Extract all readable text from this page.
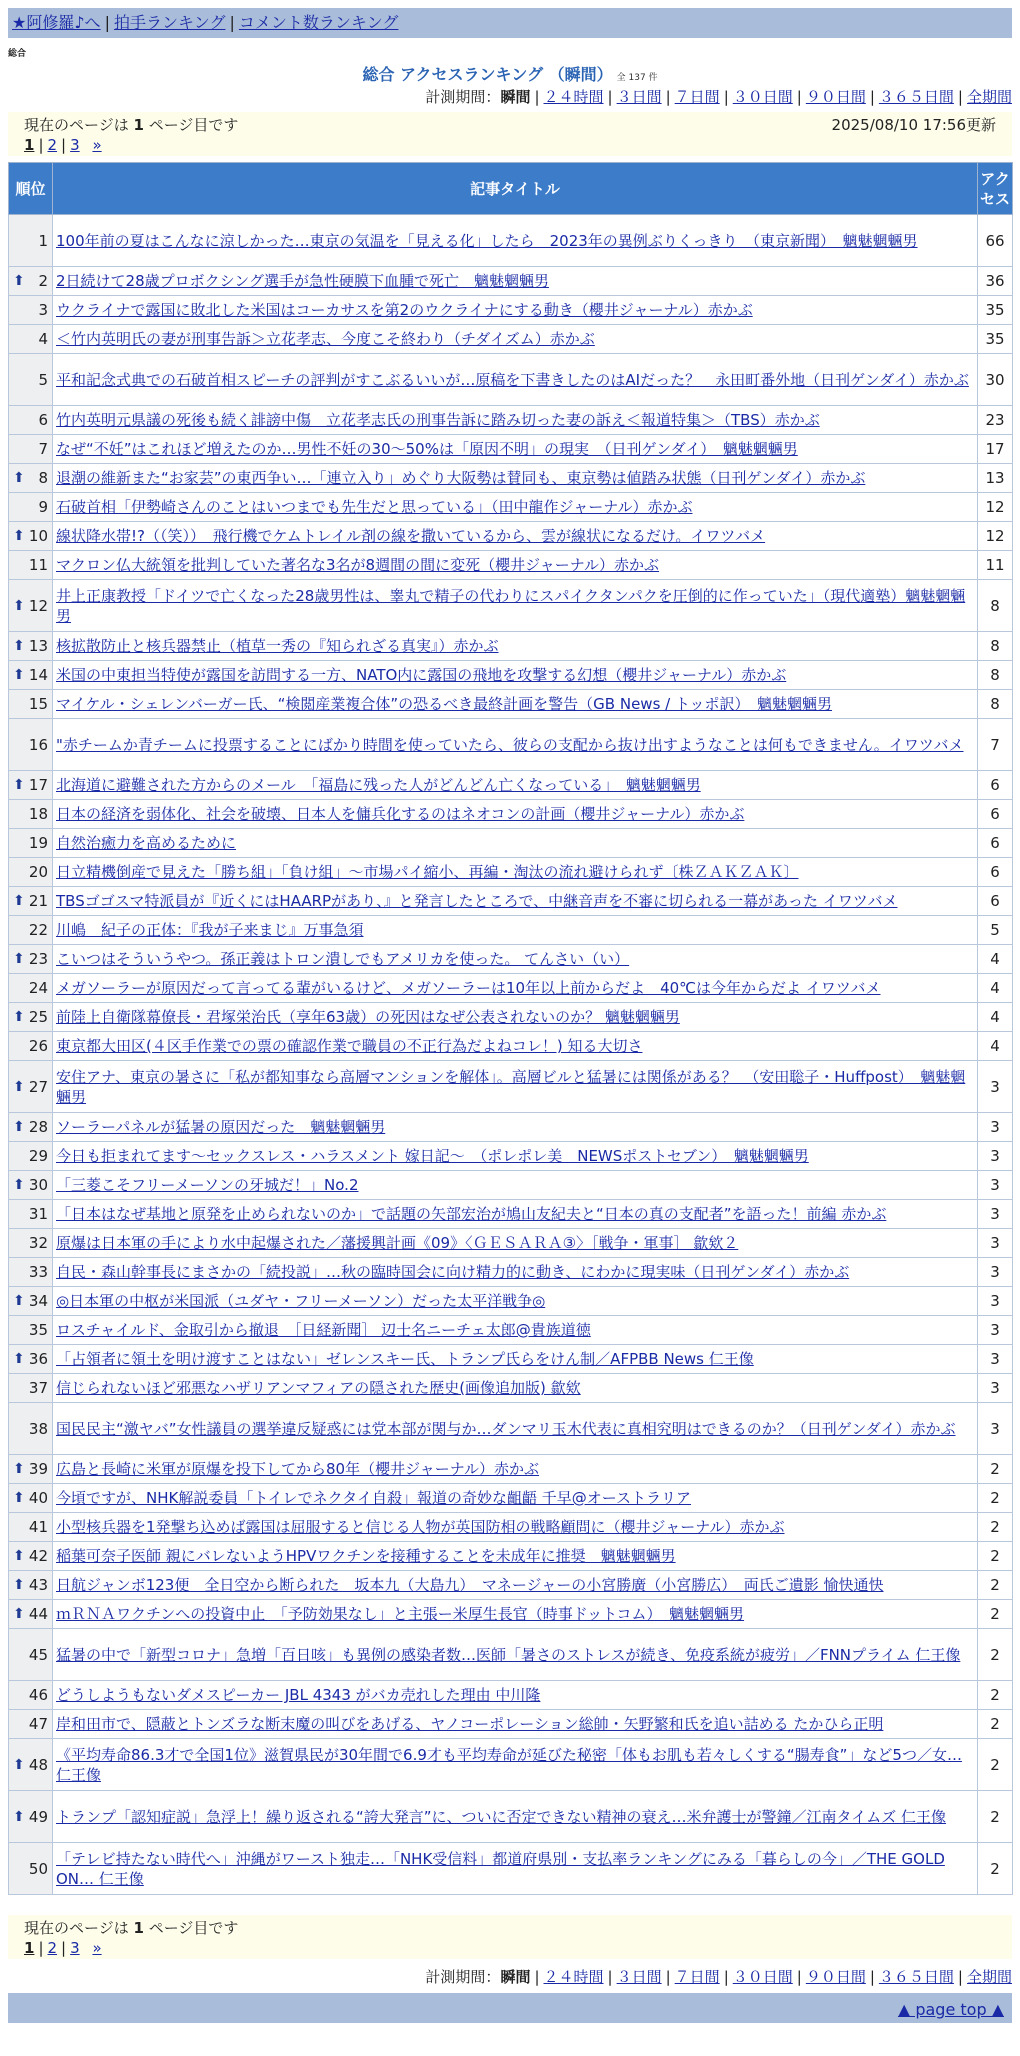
★阿修羅♪へ | 拍手ランキング | コメント数ランキング
総合
総合 アクセスランキング （瞬間） 全 137 件
計測期間：瞬間 | ２４時間 | ３日間 | ７日間 | ３０日間 | ９０日間 | ３６５日間 | 全期間
現在のページは 1 ページ目です	2025/08/10 17:56更新
1 | 2 | 3 »
順位	記事タイトル	アクセス
1	100年前の夏はこんなに涼しかった…東京の気温を「見える化」したら　2023年の異例ぶりくっきり　（東京新聞）　魑魅魍魎男	66

⬆ 2	2日続けて28歳プロボクシング選手が急性硬膜下血腫で死亡　魑魅魍魎男	36
3	ウクライナで露国に敗北した米国はコーカサスを第2のウクライナにする動き（櫻井ジャーナル）赤かぶ	35
4	＜竹内英明氏の妻が刑事告訴＞立花孝志、今度こそ終わり（チダイズム）赤かぶ	35
5	平和記念式典での石破首相スピーチの評判がすこぶるいいが…原稿を下書きしたのはAIだった？　永田町番外地（日刊ゲンダイ）赤かぶ	30
6	竹内英明元県議の死後も続く誹謗中傷　立花孝志氏の刑事告訴に踏み切った妻の訴え＜報道特集＞（TBS）赤かぶ	23
7	なぜ“不妊”はこれほど増えたのか…男性不妊の30～50%は「原因不明」の現実　（日刊ゲンダイ）　魑魅魍魎男	17

⬆ 8	退潮の維新また“お家芸”の東西争い…「連立入り」めぐり大阪勢は賛同も、東京勢は値踏み状態（日刊ゲンダイ）赤かぶ	13
9	石破首相「伊勢崎さんのことはいつまでも先生だと思っている」（田中龍作ジャーナル）赤かぶ	12

⬆ 10	線状降水帯!?（（笑））　飛行機でケムトレイル剤の線を撒いているから、雲が線状になるだけ。イワツバメ	12
11	マクロン仏大統領を批判していた著名な3名が8週間の間に変死（櫻井ジャーナル）赤かぶ	11

⬆ 12	井上正康教授「ドイツで亡くなった28歳男性は、睾丸で精子の代わりにスパイクタンパクを圧倒的に作っていた」（現代適塾）魑魅魍魎男	8

⬆ 13	核拡散防止と核兵器禁止（植草一秀の『知られざる真実』）赤かぶ	8

⬆ 14	米国の中東担当特使が露国を訪問する一方、NATO内に露国の飛地を攻撃する幻想（櫻井ジャーナル）赤かぶ	8
15	マイケル・シェレンバーガー氏、“検閲産業複合体”の恐るべき最終計画を警告（GB News / トッポ訳）　魑魅魍魎男	8
16	"赤チームか青チームに投票することにばかり時間を使っていたら、彼らの支配から抜け出すようなことは何もできません。イワツバメ	7

⬆ 17	北海道に避難された方からのメール　「福島に残った人がどんどん亡くなっている」　魑魅魍魎男	6
18	日本の経済を弱体化、社会を破壊、日本人を傭兵化するのはネオコンの計画（櫻井ジャーナル）赤かぶ	6
19	自然治癒力を高めるために	6
20	日立精機倒産で見えた「勝ち組」「負け組」～市場パイ縮小、再編・淘汰の流れ避けられず〔株ＺＡＫＺＡＫ〕	6

⬆ 21	TBSゴゴスマ特派員が『近くにはHAARPがあり、』と発言したところで、中継音声を不審に切られる一幕があった イワツバメ	6
22	川嶋　紀子の正体：『我が子来まじ』万事急須	5

⬆ 23	こいつはそういうやつ。孫正義はトロン潰しでもアメリカを使った。 てんさい（い）	4
24	メガソーラーが原因だって言ってる輩がいるけど、メガソーラーは10年以上前からだよ　40℃は今年からだよ イワツバメ	4

⬆ 25	前陸上自衛隊幕僚長・君塚栄治氏（享年63歳）の死因はなぜ公表されないのか？ 魑魅魍魎男	4
26	東京都大田区(４区手作業での票の確認作業で職員の不正行為だよねコレ！) 知る大切さ	4

⬆ 27	安住アナ、東京の暑さに「私が都知事なら高層マンションを解体」。高層ビルと猛暑には関係がある？　（安田聡子・Huffpost）　魑魅魍魎男	3

⬆ 28	ソーラーパネルが猛暑の原因だった　魑魅魍魎男	3
29	今日も拒まれてます～セックスレス・ハラスメント 嫁日記～　（ポレポレ美　NEWSポストセブン）　魑魅魍魎男	3

⬆ 30	「三菱こそフリーメーソンの牙城だ！」No.2	3
31	「日本はなぜ基地と原発を止められないのか」で話題の矢部宏治が鳩山友紀夫と“日本の真の支配者”を語った！前編 赤かぶ	3
32	原爆は日本軍の手により水中起爆された／藩援興計画《09》〈ＧＥＳＡＲＡ③〉［戦争・軍事］ 歙欸２	3
33	自民・森山幹事長にまさかの「続投説」…秋の臨時国会に向け精力的に動き、にわかに現実味（日刊ゲンダイ）赤かぶ	3

⬆ 34	◎日本軍の中枢が米国派（ユダヤ・フリーメーソン）だった太平洋戦争◎	3
35	ロスチャイルド、金取引から撤退　［日経新聞］ 辺士名ニーチェ太郎@貴族道徳	3

⬆ 36	「占領者に領土を明け渡すことはない」ゼレンスキー氏、トランプ氏らをけん制／AFPBB News 仁王像	3
37	信じられないほど邪悪なハザリアンマフィアの隠された歴史(画像追加版) 歙欸	3
38	国民民主“激ヤバ”女性議員の選挙違反疑惑には党本部が関与か…ダンマリ玉木代表に真相究明はできるのか？（日刊ゲンダイ）赤かぶ	3

⬆ 39	広島と長崎に米軍が原爆を投下してから80年（櫻井ジャーナル）赤かぶ	2

⬆ 40	今頃ですが、NHK解説委員「トイレでネクタイ自殺」報道の奇妙な齟齬 千早@オーストラリア	2
41	小型核兵器を1発撃ち込めば露国は屈服すると信じる人物が英国防相の戦略顧問に（櫻井ジャーナル）赤かぶ	2

⬆ 42	稲葉可奈子医師 親にバレないようHPVワクチンを接種することを未成年に推奨　魑魅魍魎男	2

⬆ 43	日航ジャンボ123便　全日空から断られた　坂本九（大島九）　マネージャーの小宮勝廣（小宮勝広）　両氏ご遺影 愉快通快	2

⬆ 44	ｍＲＮＡワクチンへの投資中止　「予防効果なし」と主張ー米厚生長官（時事ドットコム）　魑魅魍魎男	2
45	猛暑の中で「新型コロナ」急増「百日咳」も異例の感染者数…医師「暑さのストレスが続き、免疫系統が疲労」／FNNプライム 仁王像	2
46	どうしようもないダメスピーカー JBL 4343 がバカ売れした理由 中川隆	2
47	岸和田市で、隠蔽とトンズラな断末魔の叫びをあげる、ヤノコーポレーション総帥・矢野繁和氏を追い詰める たかひら正明	2

⬆ 48	《平均寿命86.3才で全国1位》滋賀県民が30年間で6.9才も平均寿命が延びた秘密「体もお肌も若々しくする“腸寿食”」など5つ／女… 仁王像	2

⬆ 49	トランプ「認知症説」急浮上！繰り返される“誇大発言”に、ついに否定できない精神の衰え…米弁護士が警鐘／江南タイムズ 仁王像	2
50	「テレビ持たない時代へ」沖縄がワースト独走…「NHK受信料」都道府県別・支払率ランキングにみる「暮らしの今」／THE GOLD ON… 仁王像	2
現在のページは 1 ページ目です
1 | 2 | 3 »
計測期間：瞬間 | ２４時間 | ３日間 | ７日間 | ３０日間 | ９０日間 | ３６５日間 | 全期間
▲ page top ▲
